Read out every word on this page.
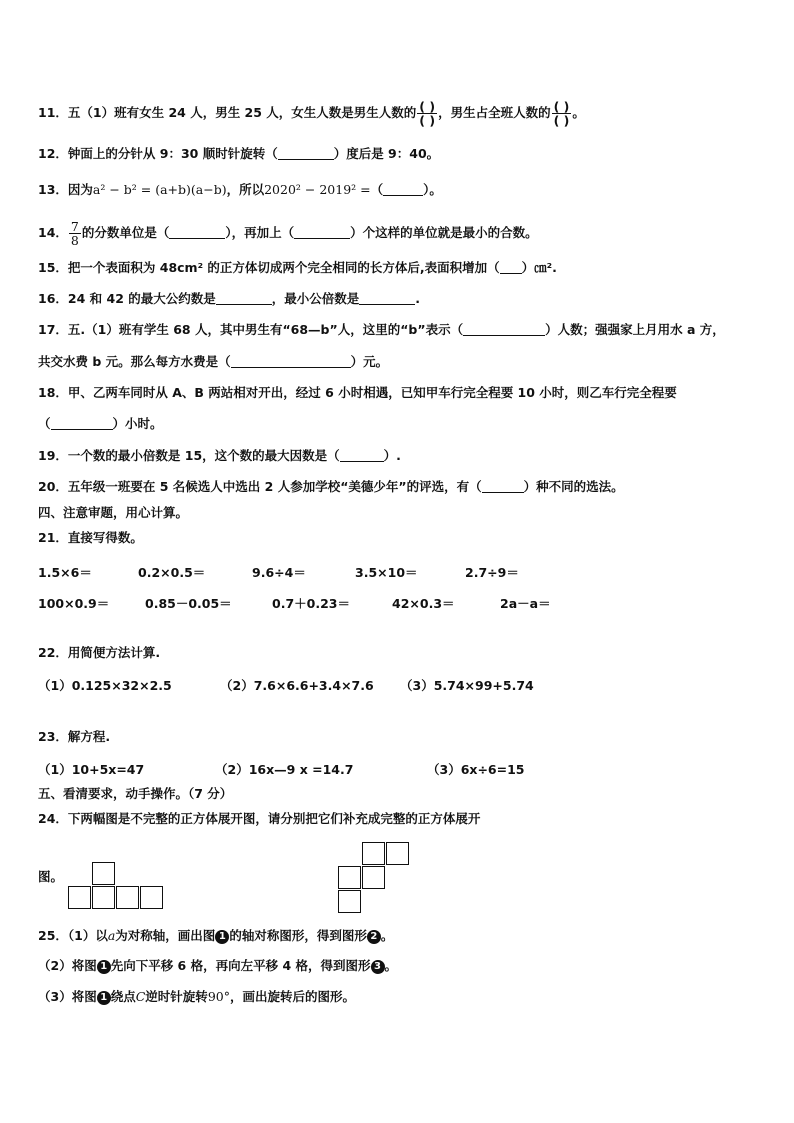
11．五（1）班有女生 24 人，男生 25 人，女生人数是男生人数的 $\frac{( )}{( )}$ ，男生占全班人数的 $\frac{( )}{( )}$ 。
12．钟面上的分针从 9：30 顺时针旋转（	）度后是 9：40。
13．因为a² − b² = (a+b)(a−b)，所以2020² − 2019² =（	）。
14． $\frac{7}{8}$ 的分数单位是（	），再加上（	）个这样的单位就是最小的合数。
15．把一个表面积为 48cm² 的正方体切成两个完全相同的长方体后,表面积增加（ ）㎝².
16．24 和 42 的最大公约数是	，最小公倍数是	.
17．五.（1）班有学生 68 人，其中男生有“68—b”人，这里的“b”表示（	）人数；强强家上月用水 a 方，
共交水费 b 元。那么每方水费是（	）元。
18．甲、乙两车同时从 A、B 两站相对开出，经过 6 小时相遇，已知甲车行完全程要 10 小时，则乙车行完全程要
（	）小时。
19．一个数的最小倍数是 15，这个数的最大因数是（	）.
20．五年级一班要在 5 名候选人中选出 2 人参加学校“美德少年”的评选，有（	）种不同的选法。
四、注意审题，用心计算。
21．直接写得数。
1.5×6＝	0.2×0.5＝	9.6÷4＝	3.5×10＝	2.7÷9＝
100×0.9＝	0.85－0.05＝	0.7＋0.23＝	42×0.3＝	2a－a＝
22．用简便方法计算.
（1）0.125×32×2.5	（2）7.6×6.6+3.4×7.6 （3）5.74×99+5.74
23．解方程.
（1）10+5x=47	（2）16x—9 x =14.7	（3）6x÷6=15
五、看清要求，动手操作。（7 分）
24．下两幅图是不完整的正方体展开图，请分别把它们补充成完整的正方体展开
图。
25．（1）以a为对称轴，画出图 1 的轴对称图形，得到图形 2 。
（2）将图 1 先向下平移 6 格，再向左平移 4 格，得到图形 3 。
（3）将图 1 绕点C逆时针旋转90°，画出旋转后的图形。
